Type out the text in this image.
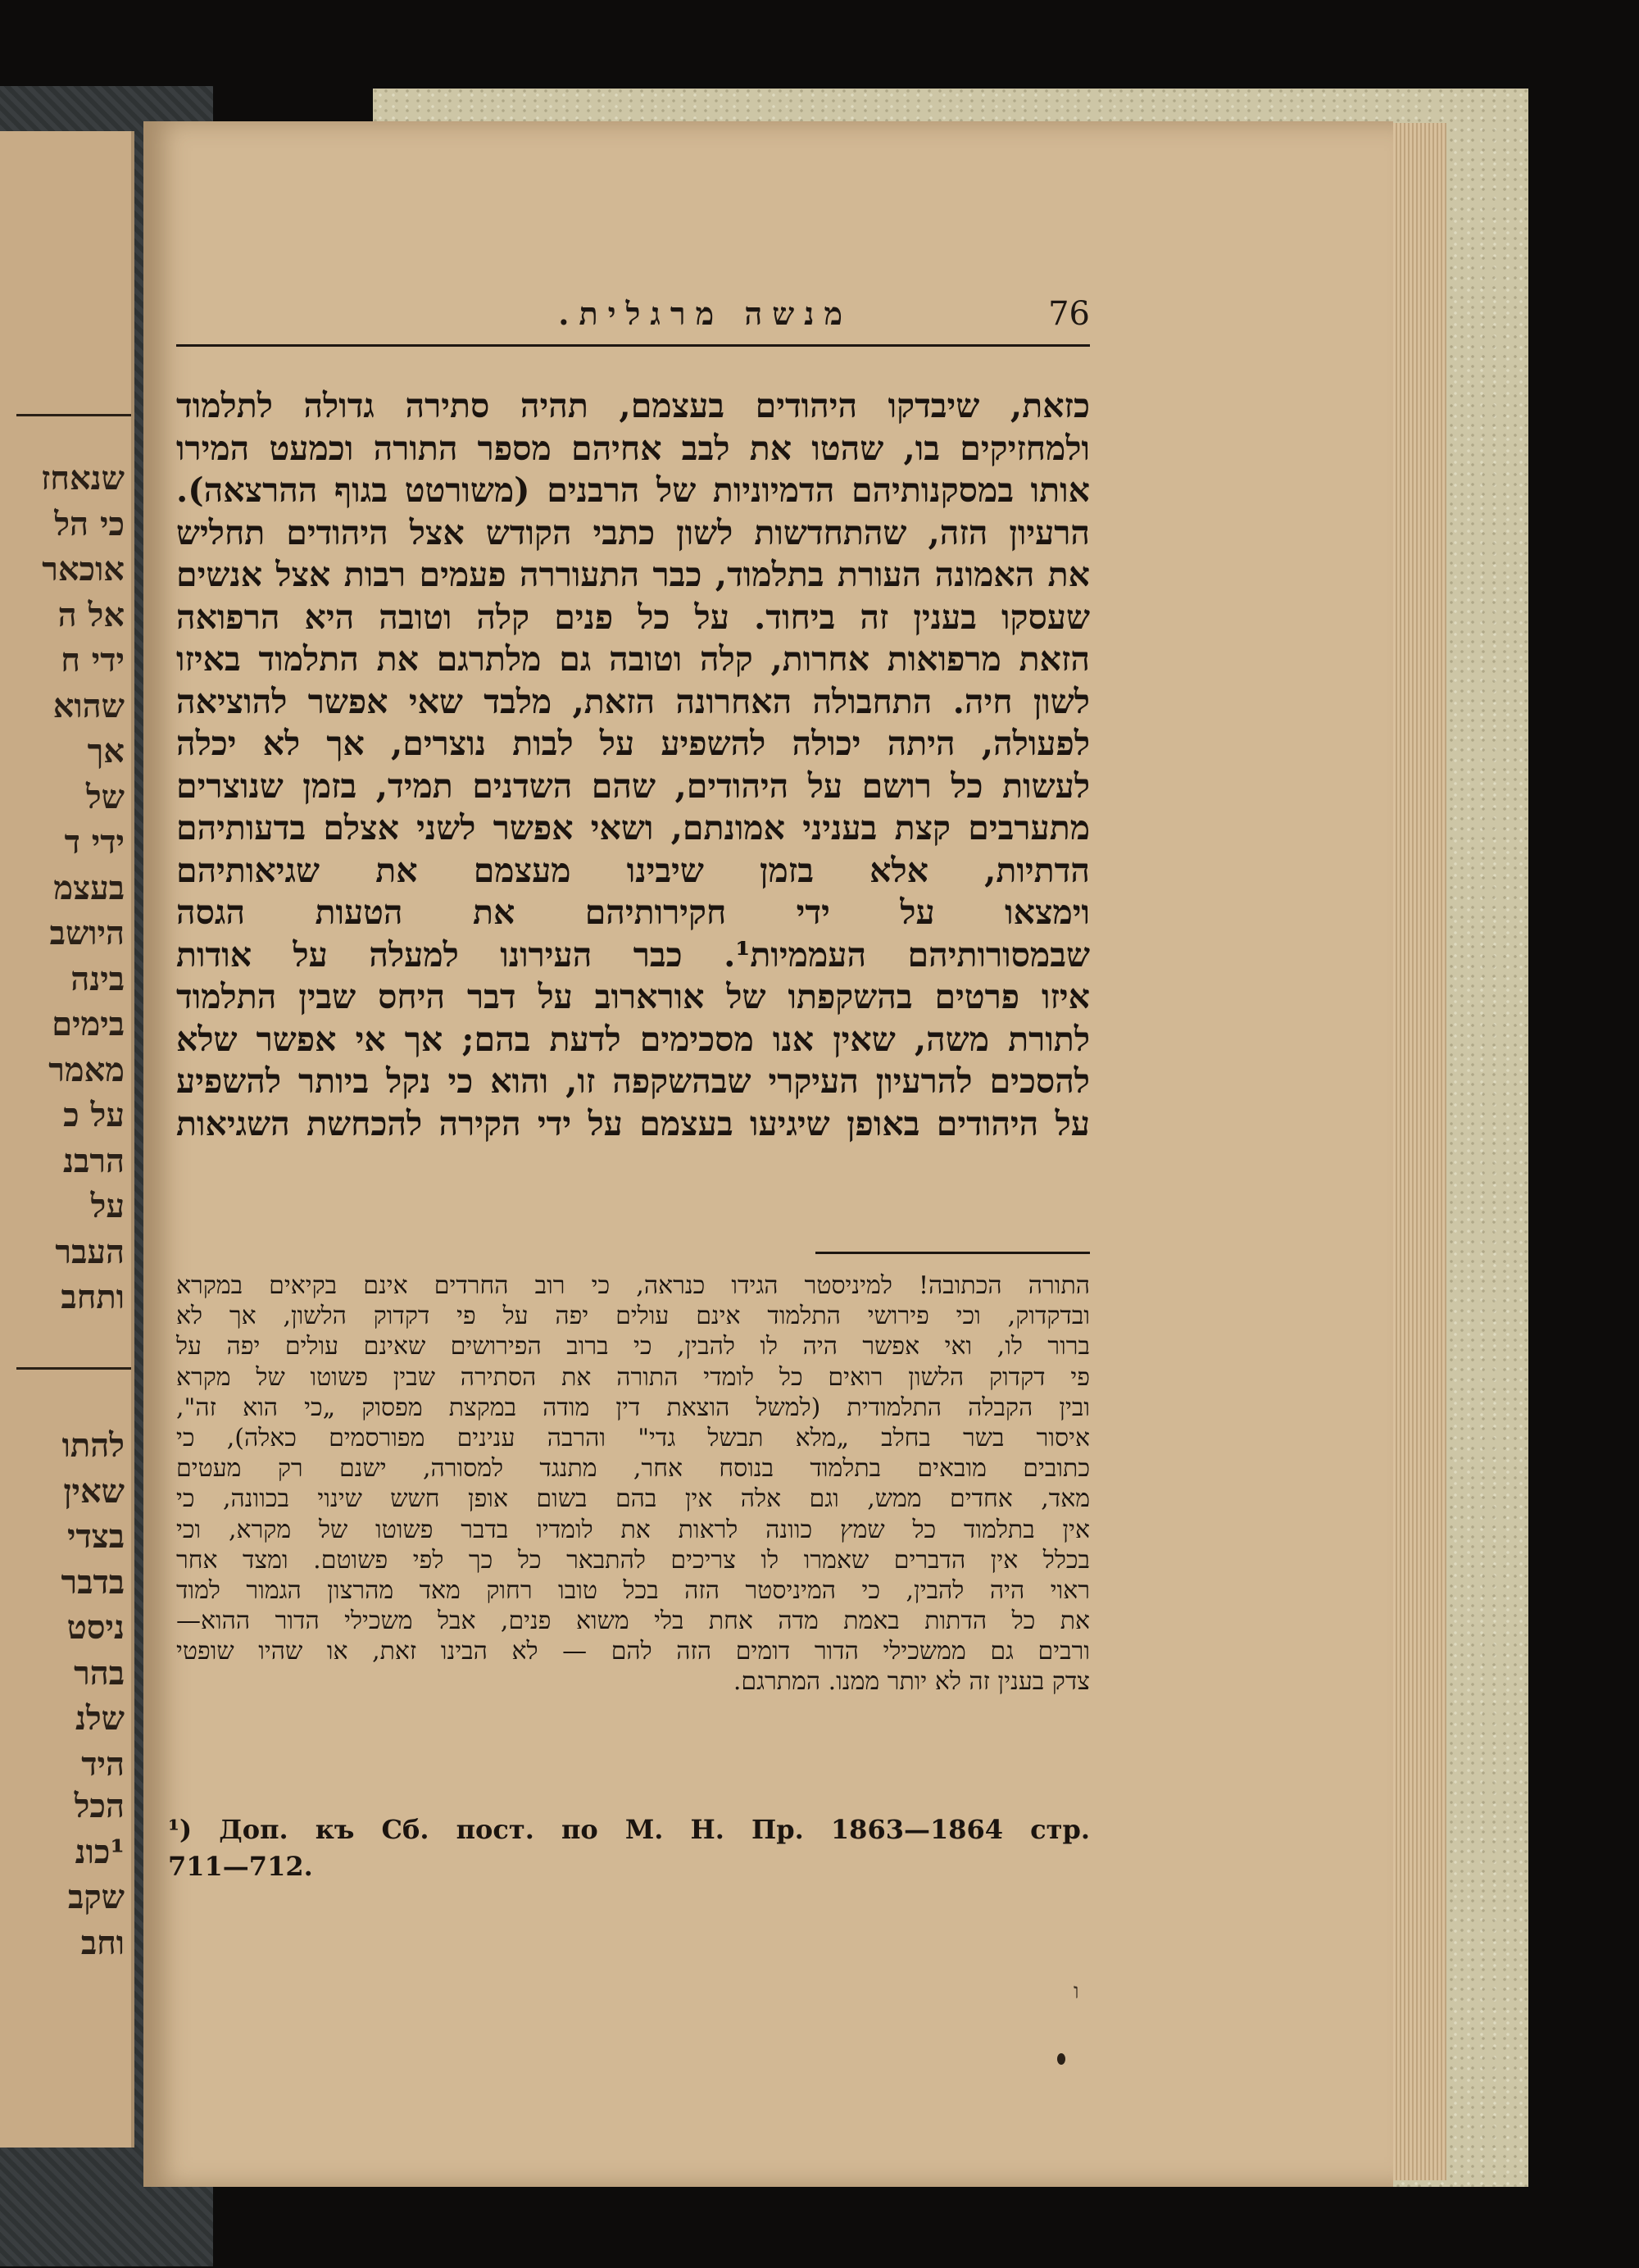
שנאחז
כי הל
אוכאר
אל ה
ידי ח
שהוא
אך
של
ידי ד
בעצמ
היושב
בינה
בימים
מאמר
על כ
הרבנ
על
העבר
ותחב
להתו
שאין
בצדי
בדבר
ניסט
בהר
שלנ
היד
הכל
¹כונ
שקב
וחב
מנשה מרגלית.	76
כזאת, שיבדקו היהודים בעצמם, תהיה סתירה גדולה לתלמוד
ולמחזיקים בו, שהטו את לבב אחיהם מספר התורה וכמעט המירו
אותו במסקנותיהם הדמיוניות של הרבנים (משורטט בגוף ההרצאה).
הרעיון הזה, שהתחדשות לשון כתבי הקודש אצל היהודים תחליש
את האמונה העורת בתלמוד, כבר התעוררה פעמים רבות אצל אנשים
שעסקו בענין זה ביחוד. על כל פנים קלה וטובה היא הרפואה
הזאת מרפואות אחרות, קלה וטובה גם מלתרגם את התלמוד באיזו
לשון חיה. התחבולה האחרונה הזאת, מלבד שאי אפשר להוציאה
לפעולה, היתה יכולה להשפיע על לבות נוצרים, אך לא יכלה
לעשות כל רושם על היהודים, שהם השדנים תמיד, בזמן שנוצרים
מתערבים קצת בעניני אמונתם, ושאי אפשר לשני אצלם בדעותיהם
הדתיות, אלא בזמן שיבינו מעצמם את שגיאותיהם
וימצאו על ידי חקירותיהם את הטעות הגסה
שבמסורותיהם העממיות¹. כבר העירונו למעלה על אודות
איזו פרטים בהשקפתו של אורארוב על דבר היחס שבין התלמוד
לתורת משה, שאין אנו מסכימים לדעת בהם; אך אי אפשר שלא
להסכים להרעיון העיקרי שבהשקפה זו, והוא כי נקל ביותר להשפיע
על היהודים באופן שיגיעו בעצמם על ידי הקירה להכחשת השגיאות
התורה הכתובה! למיניסטר הגידו כנראה, כי רוב החרדים אינם בקיאים במקרא
ובדקדוק, וכי פירושי התלמוד אינם עולים יפה על פי דקדוק הלשון, אך לא
ברור לו, ואי אפשר היה לו להבין, כי ברוב הפירושים שאינם עולים יפה על
פי דקדוק הלשון רואים כל לומדי התורה את הסתירה שבין פשוטו של מקרא
ובין הקבלה התלמודית (למשל הוצאת דין מודה במקצת מפסוק „כי הוא זה",
איסור בשר בחלב „מלא תבשל גדי" והרבה ענינים מפורסמים כאלה), כי
כתובים מובאים בתלמוד בנוסח אחר, מתנגד למסורה, ישנם רק מעטים
מאד, אחדים ממש, וגם אלה אין בהם בשום אופן חשש שינוי בכוונה, כי
אין בתלמוד כל שמץ כוונה לראות את לומדיו בדבר פשוטו של מקרא, וכי
בכלל אין הדברים שאמרו לו צריכים להתבאר כל כך לפי פשוטם. ומצד אחר
ראוי היה להבין, כי המיניסטר הזה בכל טובו רחוק מאד מהרצון הגמור למוד
את כל הדתות באמת מדה אחת בלי משוא פנים, אבל משכילי הדור ההוא—
ורבים גם ממשכילי הדור דומים הזה להם — לא הבינו זאת, או שהיו שופטי
צדק בענין זה לא יותר ממנו. המתרגם.
¹) Доп. къ Сб. пост. по М. Н. Пр. 1863—1864 стр.
711—712.
ו
